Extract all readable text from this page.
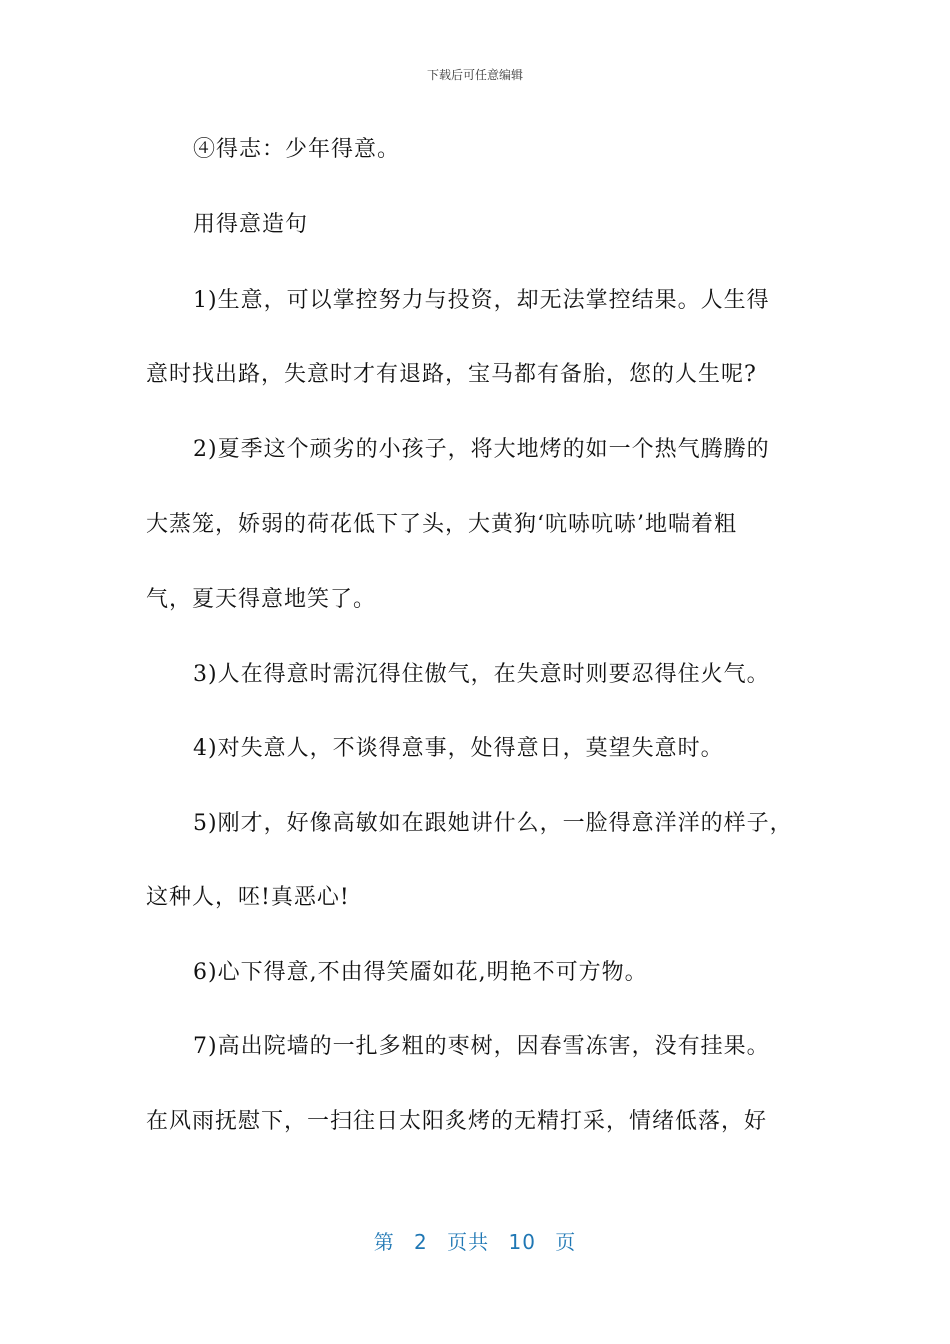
下载后可任意编辑
④得志：少年得意。
用得意造句
1)生意，可以掌控努力与投资，却无法掌控结果。人生得
意时找出路，失意时才有退路，宝马都有备胎，您的人生呢?
2)夏季这个顽劣的小孩子，将大地烤的如一个热气腾腾的
大蒸笼，娇弱的荷花低下了头，大黄狗‘吭哧吭哧’地喘着粗
气，夏天得意地笑了。
3)人在得意时需沉得住傲气，在失意时则要忍得住火气。
4)对失意人，不谈得意事，处得意日，莫望失意时。
5)刚才，好像高敏如在跟她讲什么，一脸得意洋洋的样子，
这种人，呸!真恶心!
6)心下得意,不由得笑靥如花,明艳不可方物。
7)高出院墙的一扎多粗的枣树，因春雪冻害，没有挂果。
在风雨抚慰下，一扫往日太阳炙烤的无精打采，情绪低落，好
第 2 页共 10 页
